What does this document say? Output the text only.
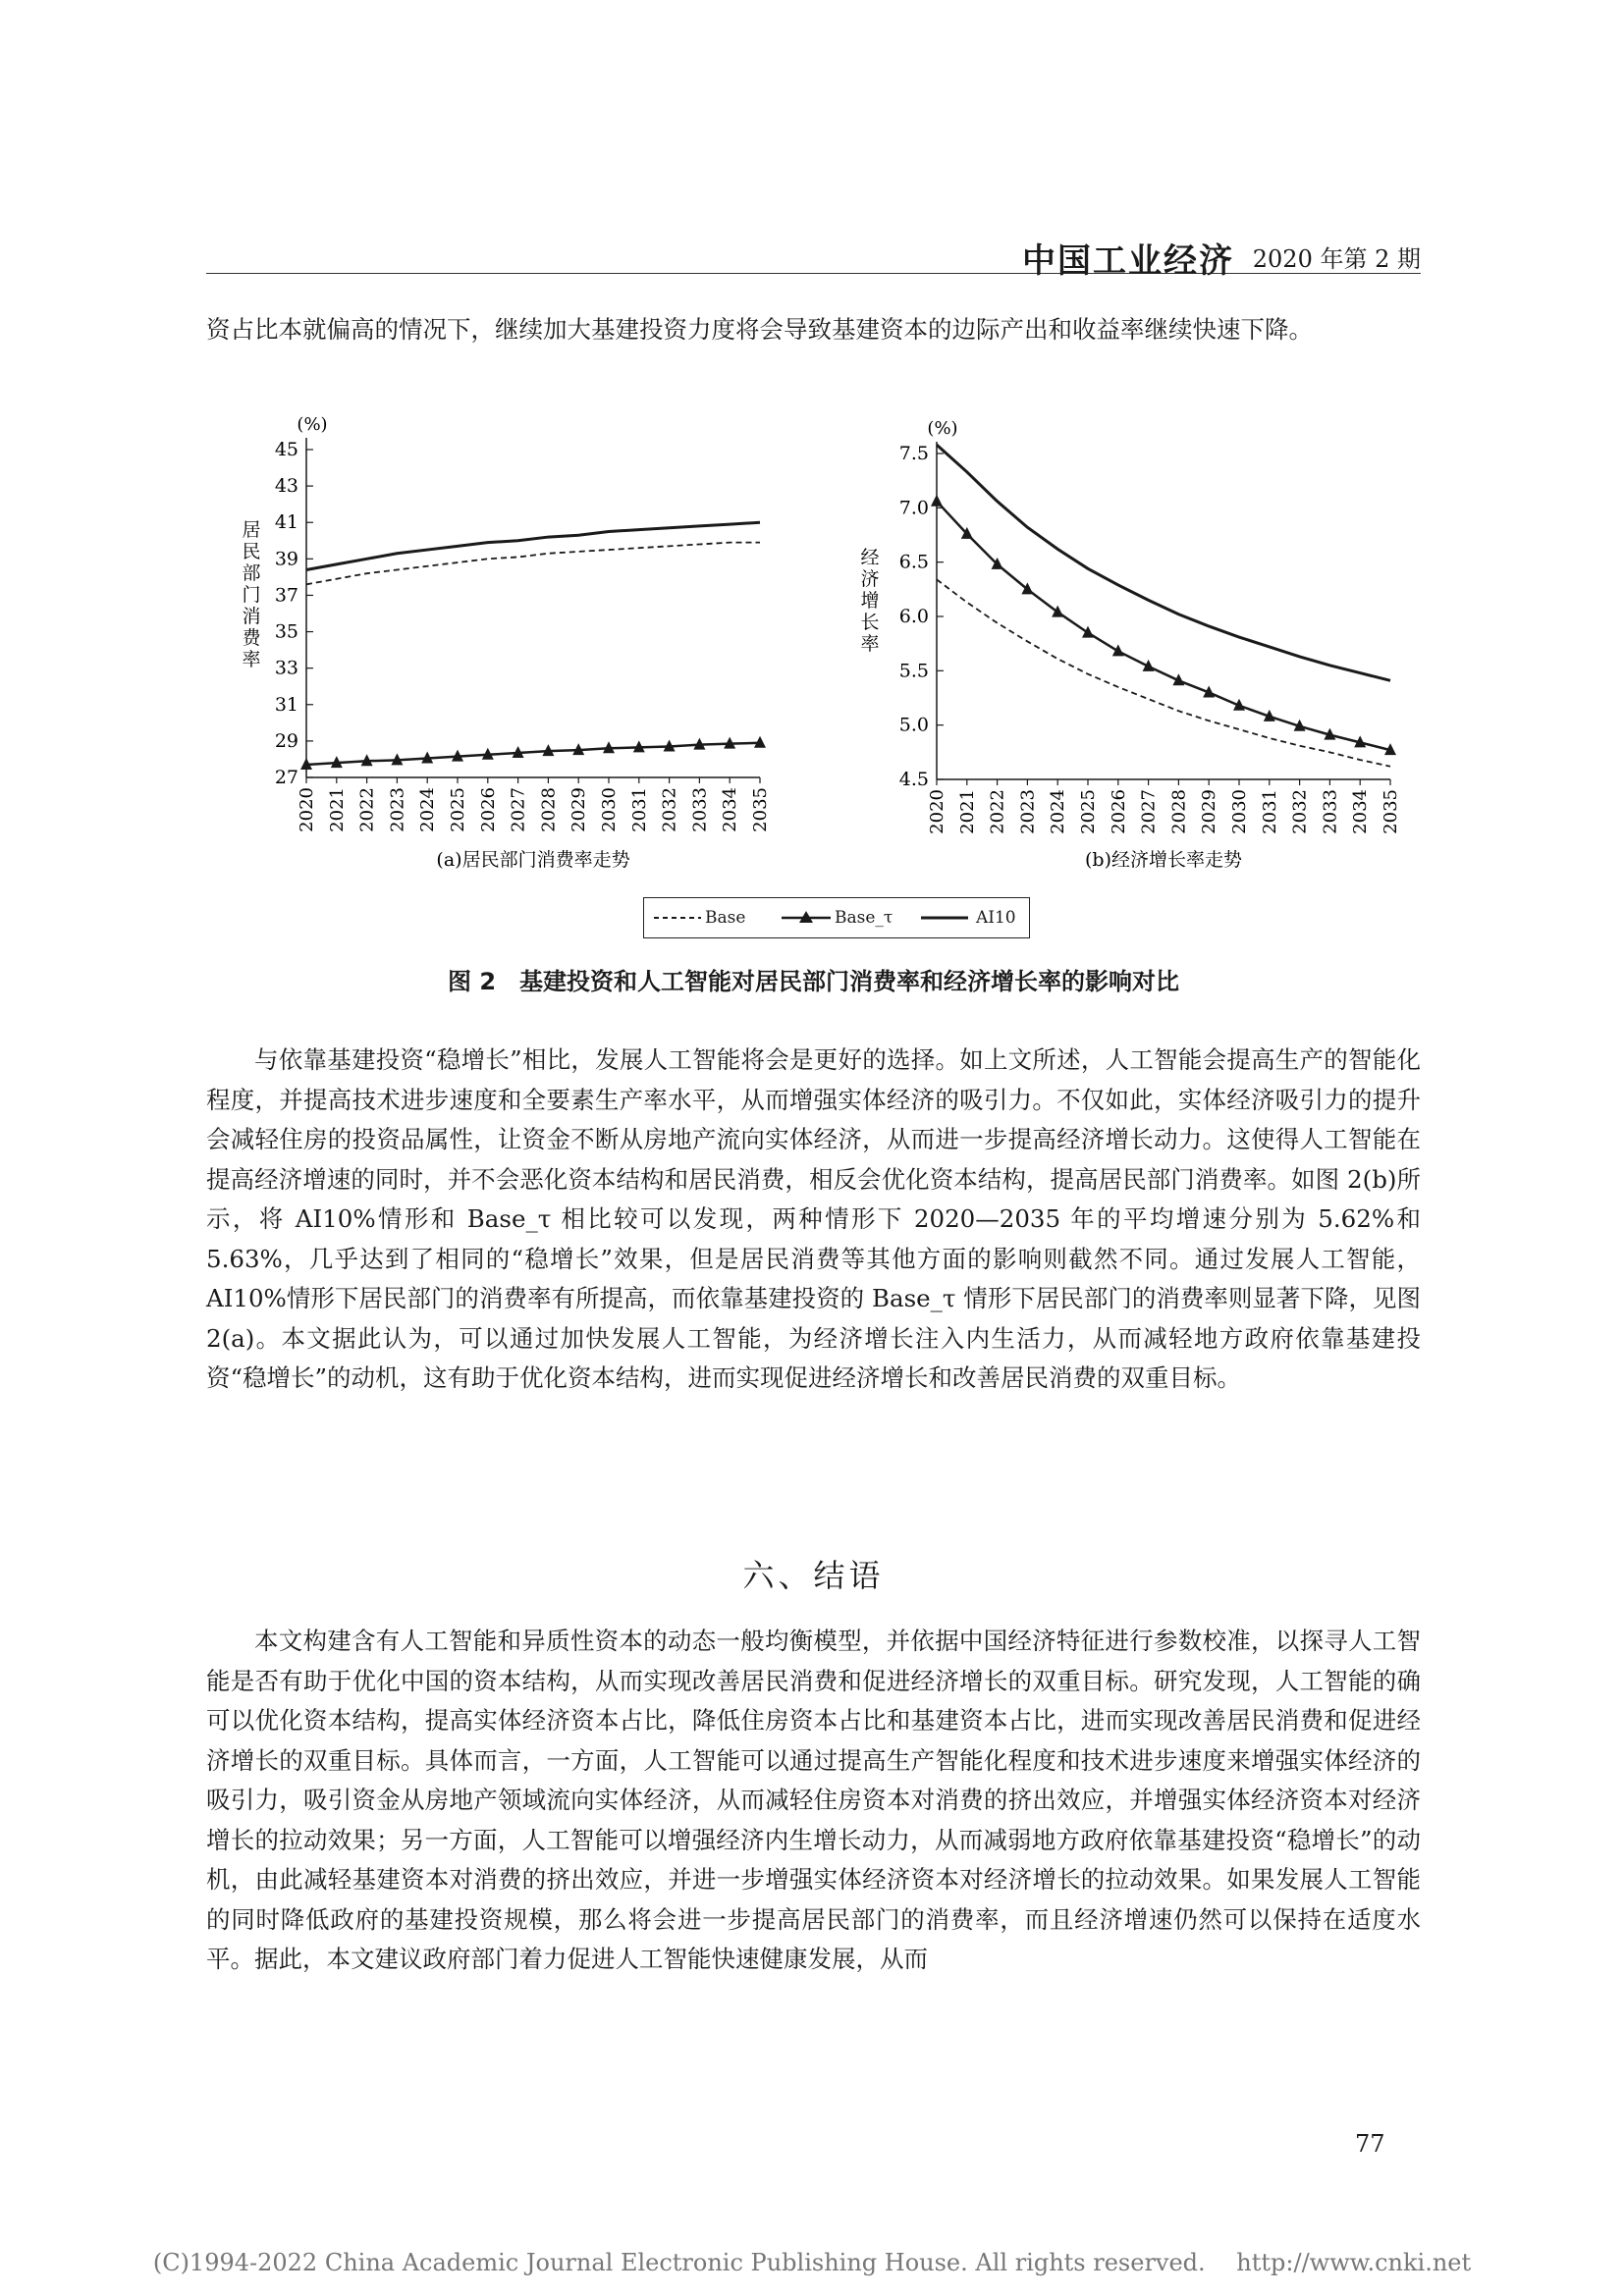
中国工业经济 2020 年第 2 期

资占比本就偏高的情况下，继续加大基建投资力度将会导致基建资本的边际产出和收益率继续快速下降。

(%)
27
29
31
33
35
37
39
41
43
45
2020 2021 2022 2023 2024 2025 2026 2027 2028 2029 2030 2031 2032 2033 2034 2035
居民部门消费率
(a)居民部门消费率走势
(%)
4.5
5.0
5.5
6.0
6.5
7.0
7.5
2020 2021 2022 2023 2024 2025 2026 2027 2028 2029 2030 2031 2032 2033 2034 2035
经济增长率
(b)经济增长率走势
Base	Base_τ	AI10
图 2　基建投资和人工智能对居民部门消费率和经济增长率的影响对比

与依靠基建投资“稳增长”相比，发展人工智能将会是更好的选择。如上文所述，人工智能会提高生产的智能化程度，并提高技术进步速度和全要素生产率水平，从而增强实体经济的吸引力。不仅如此，实体经济吸引力的提升会减轻住房的投资品属性，让资金不断从房地产流向实体经济，从而进一步提高经济增长动力。这使得人工智能在提高经济增速的同时，并不会恶化资本结构和居民消费，相反会优化资本结构，提高居民部门消费率。如图 2(b)所示，将 AI10%情形和 Base_τ 相比较可以发现，两种情形下 2020—2035 年的平均增速分别为 5.62%和 5.63%，几乎达到了相同的“稳增长”效果，但是居民消费等其他方面的影响则截然不同。通过发展人工智能，AI10%情形下居民部门的消费率有所提高，而依靠基建投资的 Base_τ 情形下居民部门的消费率则显著下降，见图 2(a)。本文据此认为，可以通过加快发展人工智能，为经济增长注入内生活力，从而减轻地方政府依靠基建投资“稳增长”的动机，这有助于优化资本结构，进而实现促进经济增长和改善居民消费的双重目标。

六、结语

本文构建含有人工智能和异质性资本的动态一般均衡模型，并依据中国经济特征进行参数校准，以探寻人工智能是否有助于优化中国的资本结构，从而实现改善居民消费和促进经济增长的双重目标。研究发现，人工智能的确可以优化资本结构，提高实体经济资本占比，降低住房资本占比和基建资本占比，进而实现改善居民消费和促进经济增长的双重目标。具体而言，一方面，人工智能可以通过提高生产智能化程度和技术进步速度来增强实体经济的吸引力，吸引资金从房地产领域流向实体经济，从而减轻住房资本对消费的挤出效应，并增强实体经济资本对经济增长的拉动效果；另一方面，人工智能可以增强经济内生增长动力，从而减弱地方政府依靠基建投资“稳增长”的动机，由此减轻基建资本对消费的挤出效应，并进一步增强实体经济资本对经济增长的拉动效果。如果发展人工智能的同时降低政府的基建投资规模，那么将会进一步提高居民部门的消费率，而且经济增速仍然可以保持在适度水平。据此，本文建议政府部门着力促进人工智能快速健康发展，从而

77
(C)1994-2022 China Academic Journal Electronic Publishing House. All rights reserved.　 http://www.cnki.net
